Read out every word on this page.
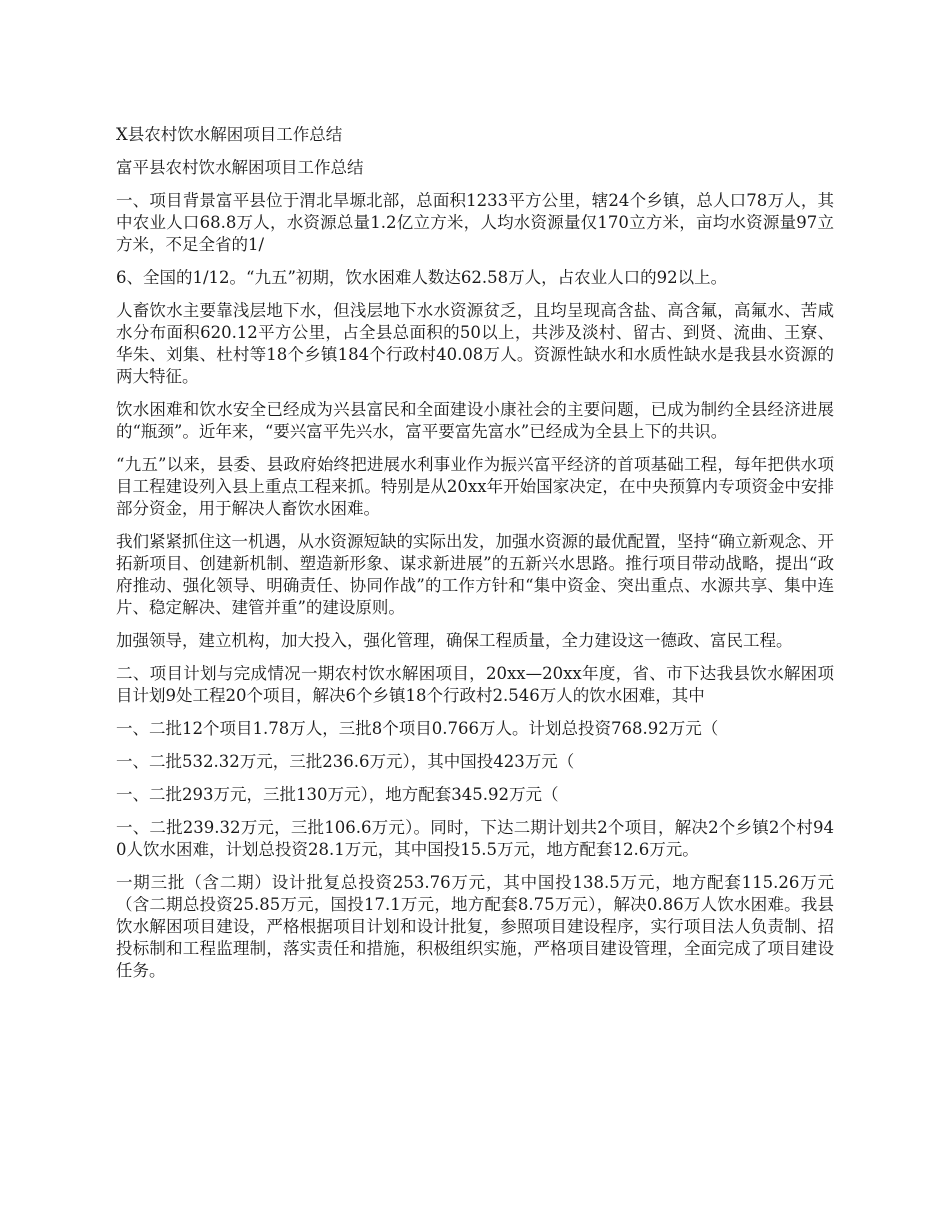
X县农村饮水解困项目工作总结

富平县农村饮水解困项目工作总结

一、项目背景富平县位于渭北旱塬北部，总面积1233平方公里，辖24个乡镇，总人口78万人，其中农业人口68.8万人，水资源总量1.2亿立方米，人均水资源量仅170立方米，亩均水资源量97立方米，不足全省的1/

6、全国的1/12。“九五”初期，饮水困难人数达62.58万人，占农业人口的92以上。

人畜饮水主要靠浅层地下水，但浅层地下水水资源贫乏，且均呈现高含盐、高含氟，高氟水、苦咸水分布面积620.12平方公里，占全县总面积的50以上，共涉及淡村、留古、到贤、流曲、王寮、华朱、刘集、杜村等18个乡镇184个行政村40.08万人。资源性缺水和水质性缺水是我县水资源的两大特征。

饮水困难和饮水安全已经成为兴县富民和全面建设小康社会的主要问题，已成为制约全县经济进展的“瓶颈”。近年来，“要兴富平先兴水，富平要富先富水”已经成为全县上下的共识。

“九五”以来，县委、县政府始终把进展水利事业作为振兴富平经济的首项基础工程，每年把供水项目工程建设列入县上重点工程来抓。特别是从20xx年开始国家决定，在中央预算内专项资金中安排部分资金，用于解决人畜饮水困难。

我们紧紧抓住这一机遇，从水资源短缺的实际出发，加强水资源的最优配置，坚持“确立新观念、开拓新项目、创建新机制、塑造新形象、谋求新进展”的五新兴水思路。推行项目带动战略，提出“政府推动、强化领导、明确责任、协同作战”的工作方针和“集中资金、突出重点、水源共享、集中连片、稳定解决、建管并重”的建设原则。

加强领导，建立机构，加大投入，强化管理，确保工程质量，全力建设这一德政、富民工程。

二、项目计划与完成情况一期农村饮水解困项目，20xx—20xx年度，省、市下达我县饮水解困项目计划9处工程20个项目，解决6个乡镇18个行政村2.546万人的饮水困难，其中

一、二批12个项目1.78万人，三批8个项目0.766万人。计划总投资768.92万元（

一、二批532.32万元，三批236.6万元），其中国投423万元（

一、二批293万元，三批130万元），地方配套345.92万元（

一、二批239.32万元，三批106.6万元）。同时，下达二期计划共2个项目，解决2个乡镇2个村940人饮水困难，计划总投资28.1万元，其中国投15.5万元，地方配套12.6万元。

一期三批（含二期）设计批复总投资253.76万元，其中国投138.5万元，地方配套115.26万元（含二期总投资25.85万元，国投17.1万元，地方配套8.75万元），解决0.86万人饮水困难。我县饮水解困项目建设，严格根据项目计划和设计批复，参照项目建设程序，实行项目法人负责制、招投标制和工程监理制，落实责任和措施，积极组织实施，严格项目建设管理，全面完成了项目建设任务。
